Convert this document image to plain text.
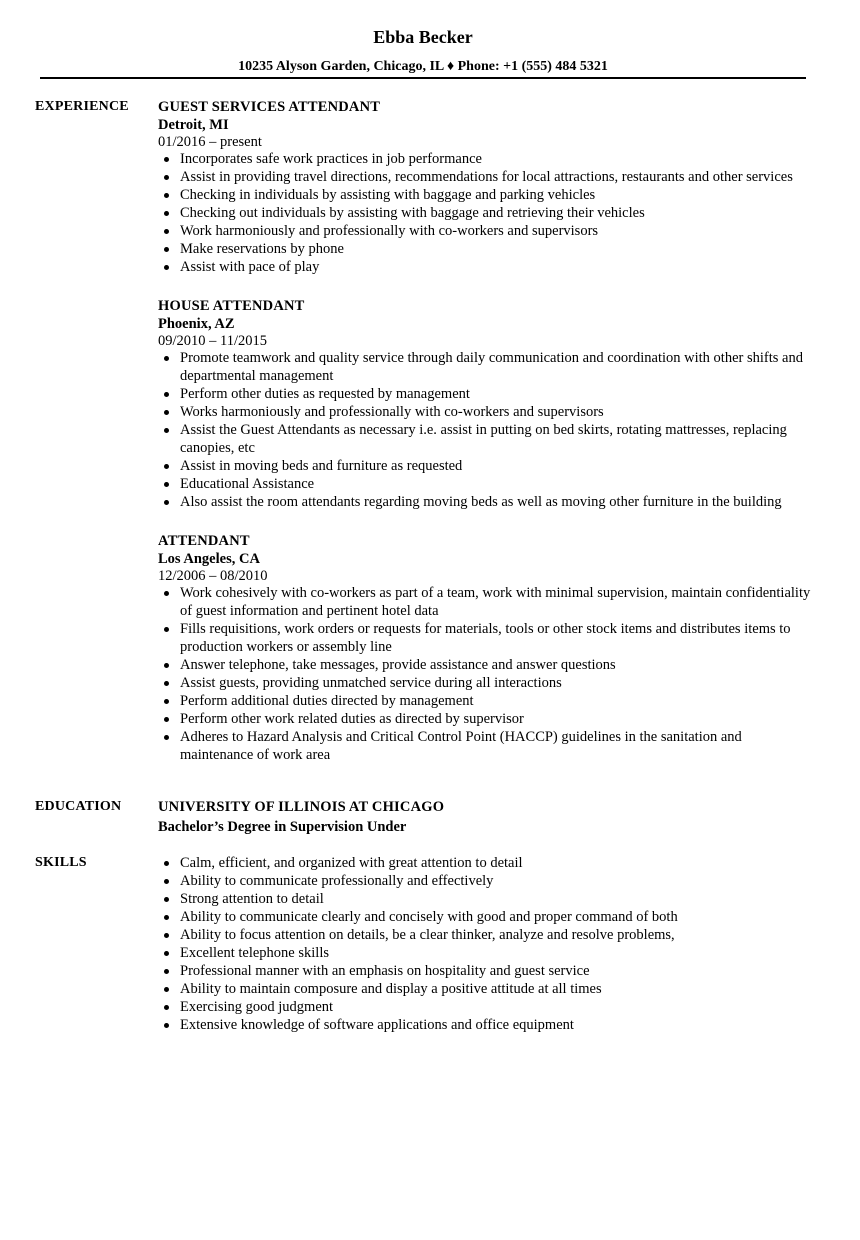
Ebba Becker
10235 Alyson Garden, Chicago, IL ♦ Phone: +1 (555) 484 5321
EXPERIENCE GUEST SERVICES ATTENDANT
Detroit, MI
01/2016 – present
Incorporates safe work practices in job performance
Assist in providing travel directions, recommendations for local attractions, restaurants and other services
Checking in individuals by assisting with baggage and parking vehicles
Checking out individuals by assisting with baggage and retrieving their vehicles
Work harmoniously and professionally with co-workers and supervisors
Make reservations by phone
Assist with pace of play
HOUSE ATTENDANT
Phoenix, AZ
09/2010 – 11/2015
Promote teamwork and quality service through daily communication and coordination with other shifts and departmental management
Perform other duties as requested by management
Works harmoniously and professionally with co-workers and supervisors
Assist the Guest Attendants as necessary i.e. assist in putting on bed skirts, rotating mattresses, replacing canopies, etc
Assist in moving beds and furniture as requested
Educational Assistance
Also assist the room attendants regarding moving beds as well as moving other furniture in the building
ATTENDANT
Los Angeles, CA
12/2006 – 08/2010
Work cohesively with co-workers as part of a team, work with minimal supervision, maintain confidentiality of guest information and pertinent hotel data
Fills requisitions, work orders or requests for materials, tools or other stock items and distributes items to production workers or assembly line
Answer telephone, take messages, provide assistance and answer questions
Assist guests, providing unmatched service during all interactions
Perform additional duties directed by management
Perform other work related duties as directed by supervisor
Adheres to Hazard Analysis and Critical Control Point (HACCP) guidelines in the sanitation and maintenance of work area
EDUCATION	UNIVERSITY OF ILLINOIS AT CHICAGO
Bachelor’s Degree in Supervision Under
SKILLS	Calm, efficient, and organized with great attention to detail
Ability to communicate professionally and effectively
Strong attention to detail
Ability to communicate clearly and concisely with good and proper command of both
Ability to focus attention on details, be a clear thinker, analyze and resolve problems,
Excellent telephone skills
Professional manner with an emphasis on hospitality and guest service
Ability to maintain composure and display a positive attitude at all times
Exercising good judgment
Extensive knowledge of software applications and office equipment
